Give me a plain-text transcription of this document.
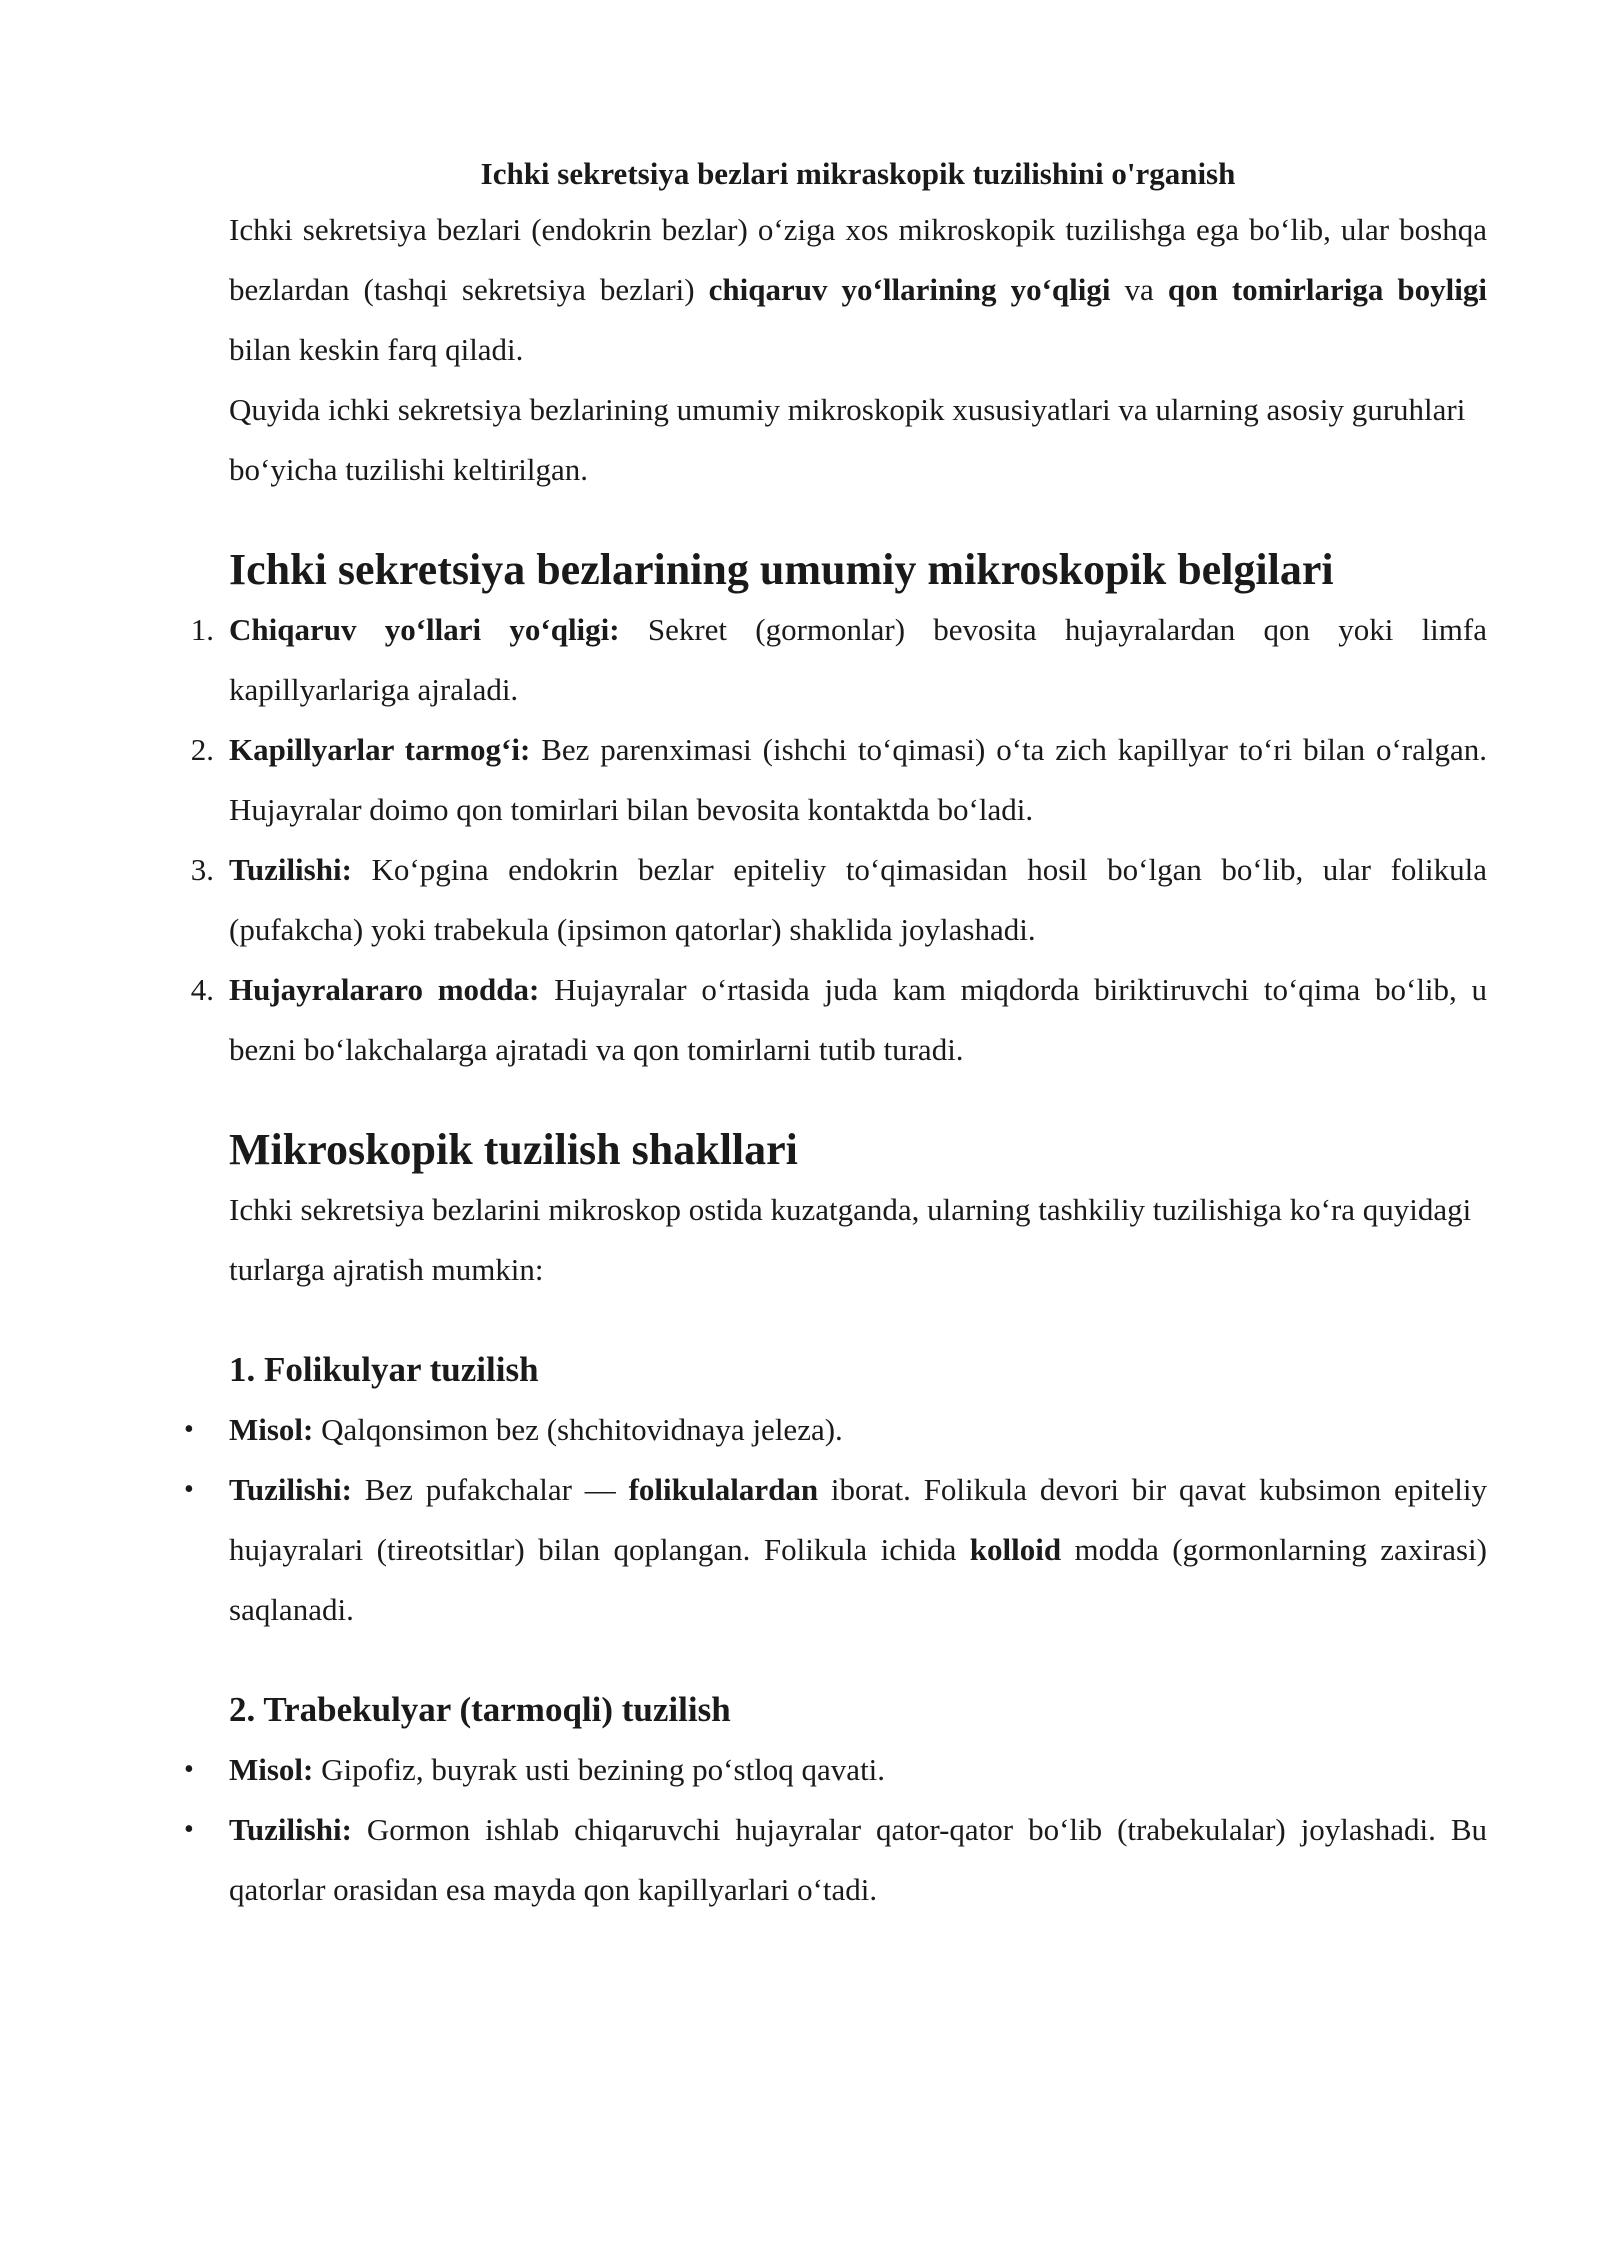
Ichki sekretsiya bezlari mikraskopik tuzilishini o'rganish

Ichki sekretsiya bezlari (endokrin bezlar) o‘ziga xos mikroskopik tuzilishga ega bo‘lib, ular boshqa bezlardan (tashqi sekretsiya bezlari) chiqaruv yo‘llarining yo‘qligi va qon tomirlariga boyligi bilan keskin farq qiladi.

Quyida ichki sekretsiya bezlarining umumiy mikroskopik xususiyatlari va ularning asosiy guruhlari bo‘yicha tuzilishi keltirilgan.

Ichki sekretsiya bezlarining umumiy mikroskopik belgilari
1. Chiqaruv yo‘llari yo‘qligi: Sekret (gormonlar) bevosita hujayralardan qon yoki limfa kapillyarlariga ajraladi.
2. Kapillyarlar tarmog‘i: Bez parenximasi (ishchi to‘qimasi) o‘ta zich kapillyar to‘ri bilan o‘ralgan. Hujayralar doimo qon tomirlari bilan bevosita kontaktda bo‘ladi.
3. Tuzilishi: Ko‘pgina endokrin bezlar epiteliy to‘qimasidan hosil bo‘lgan bo‘lib, ular folikula (pufakcha) yoki trabekula (ipsimon qatorlar) shaklida joylashadi.
4. Hujayralararo modda: Hujayralar o‘rtasida juda kam miqdorda biriktiruvchi to‘qima bo‘lib, u bezni bo‘lakchalarga ajratadi va qon tomirlarni tutib turadi.
Mikroskopik tuzilish shakllari

Ichki sekretsiya bezlarini mikroskop ostida kuzatganda, ularning tashkiliy tuzilishiga ko‘ra quyidagi turlarga ajratish mumkin:

1. Folikulyar tuzilish
• Misol: Qalqonsimon bez (shchitovidnaya jeleza).
• Tuzilishi: Bez pufakchalar — folikulalardan iborat. Folikula devori bir qavat kubsimon epiteliy hujayralari (tireotsitlar) bilan qoplangan. Folikula ichida kolloid modda (gormonlarning zaxirasi) saqlanadi.
2. Trabekulyar (tarmoqli) tuzilish
• Misol: Gipofiz, buyrak usti bezining po‘stloq qavati.
• Tuzilishi: Gormon ishlab chiqaruvchi hujayralar qator-qator bo‘lib (trabekulalar) joylashadi. Bu qatorlar orasidan esa mayda qon kapillyarlari o‘tadi.
